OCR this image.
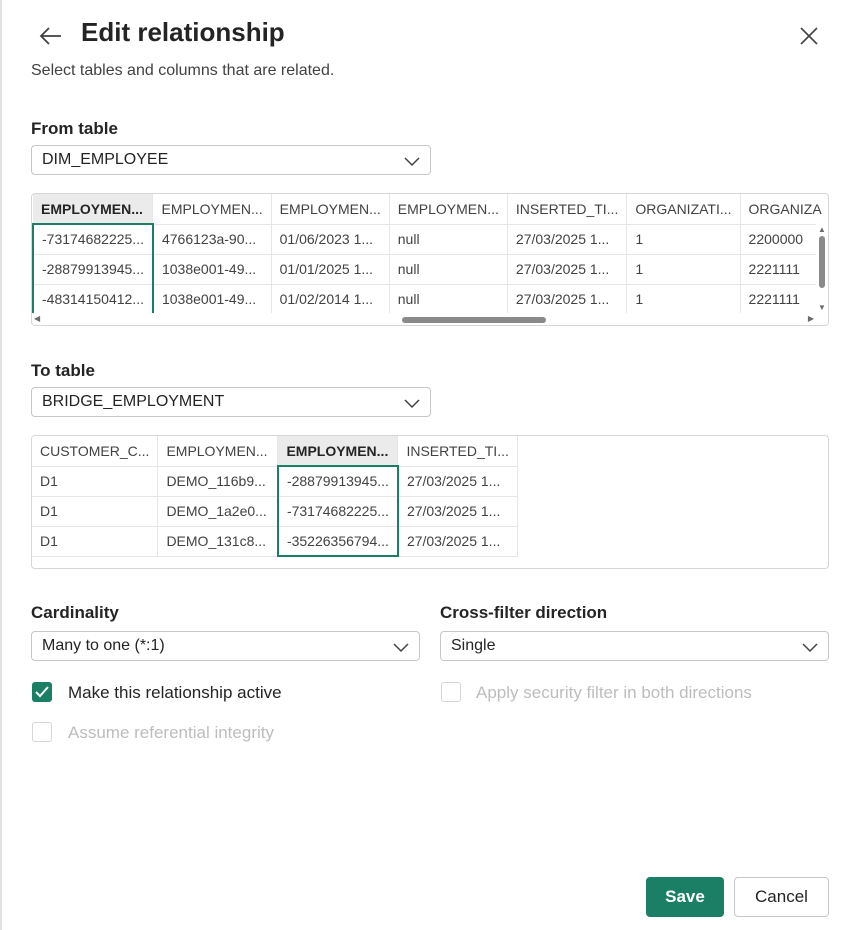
Edit relationship
Select tables and columns that are related.
From table
DIM_EMPLOYEE
EMPLOYMEN...	EMPLOYMEN...	EMPLOYMEN...	EMPLOYMEN...	INSERTED_TI...	ORGANIZATI...	ORGANIZA
-73174682225...	4766123a-90...	01/06/2023 1...	null	27/03/2025 1...	1	2200000
-28879913945...	1038e001-49...	01/01/2025 1...	null	27/03/2025 1...	1	2221111
-48314150412...	1038e001-49...	01/02/2014 1...	null	27/03/2025 1...	1	2221111
▲
▼
◀	▶
To table
BRIDGE_EMPLOYMENT
CUSTOMER_C...	EMPLOYMEN...	EMPLOYMEN...	INSERTED_TI...
D1	DEMO_116b9...	-28879913945...	27/03/2025 1...
D1	DEMO_1a2e0...	-73174682225...	27/03/2025 1...
D1	DEMO_131c8...	-35226356794...	27/03/2025 1...
Cardinality
Many to one (*:1)
Cross-filter direction
Single
Make this relationship active	Apply security filter in both directions
Assume referential integrity
Save	Cancel
